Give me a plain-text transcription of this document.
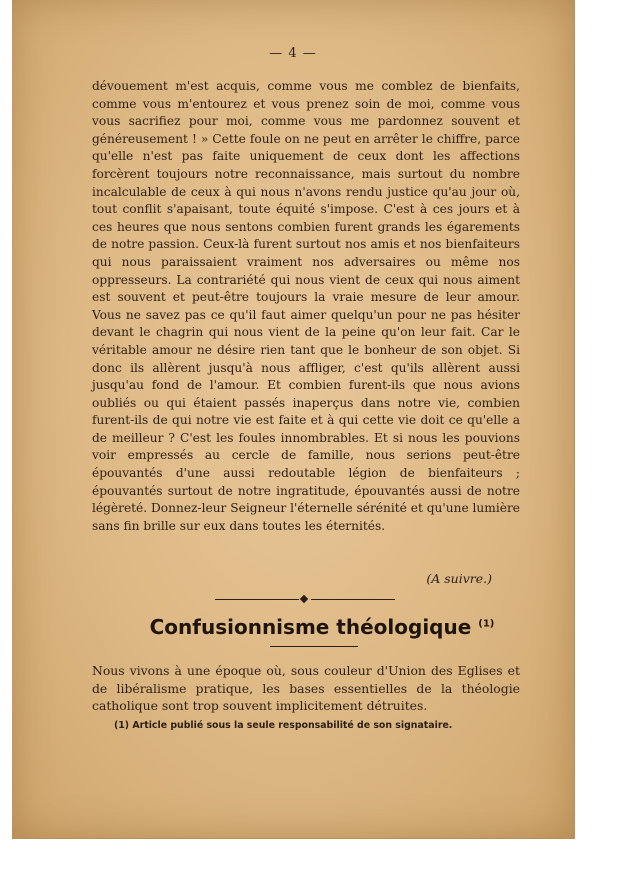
— 4 —

dévouement m'est acquis, comme vous me comblez de bienfaits, comme vous m'entourez et vous prenez soin de moi, comme vous vous sacrifiez pour moi, comme vous me pardonnez souvent et généreusement ! » Cette foule on ne peut en arrêter le chiffre, parce qu'elle n'est pas faite uniquement de ceux dont les affections forcèrent toujours notre reconnaissance, mais surtout du nombre incalculable de ceux à qui nous n'avons rendu justice qu'au jour où, tout conflit s'apaisant, toute équité s'impose. C'est à ces jours et à ces heures que nous sentons combien furent grands les égarements de notre passion. Ceux-là furent surtout nos amis et nos bienfaiteurs qui nous paraissaient vraiment nos adversaires ou même nos oppresseurs. La contrariété qui nous vient de ceux qui nous aiment est souvent et peut-être toujours la vraie mesure de leur amour. Vous ne savez pas ce qu'il faut aimer quelqu'un pour ne pas hésiter devant le chagrin qui nous vient de la peine qu'on leur fait. Car le véritable amour ne désire rien tant que le bonheur de son objet. Si donc ils allèrent jusqu'à nous affliger, c'est qu'ils allèrent aussi jusqu'au fond de l'amour. Et combien furent-ils que nous avions oubliés ou qui étaient passés inaperçus dans notre vie, combien furent-ils de qui notre vie est faite et à qui cette vie doit ce qu'elle a de meilleur ? C'est les foules innombrables. Et si nous les pouvions voir empressés au cercle de famille, nous serions peut-être épouvantés d'une aussi redoutable légion de bienfaiteurs ; épouvantés surtout de notre ingratitude, épouvantés aussi de notre légèreté. Donnez-leur Seigneur l'éternelle sérénité et qu'une lumière sans fin brille sur eux dans toutes les éternités.

(A suivre.)
Confusionnisme théologique $^{(1)}$

Nous vivons à une époque où, sous couleur d'Union des Eglises et de libéralisme pratique, les bases essentielles de la théologie catholique sont trop souvent implicitement détruites.

(1) Article publié sous la seule responsabilité de son signataire.
